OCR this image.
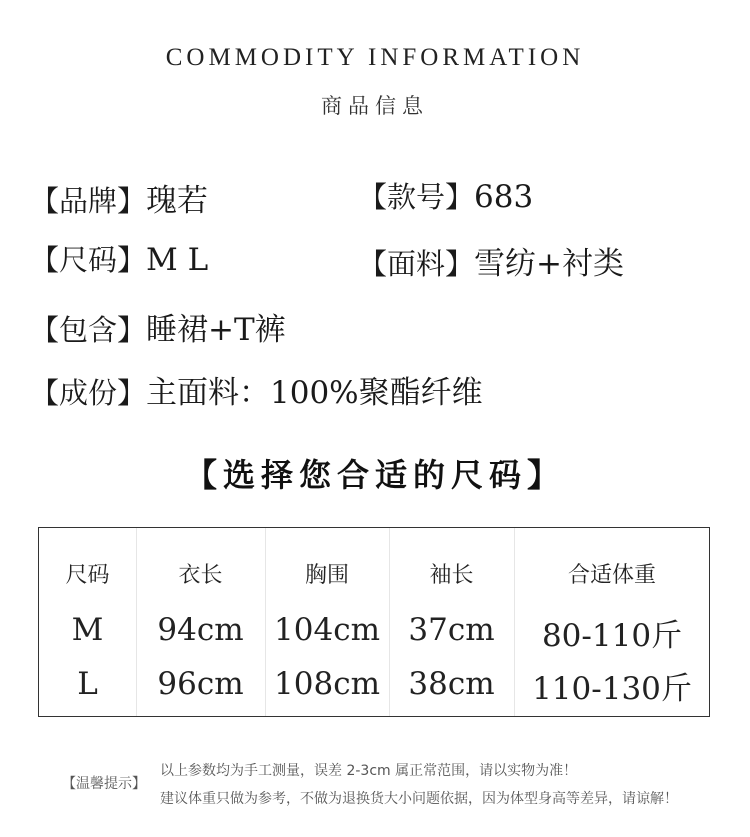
COMMODITY INFORMATION
商品信息
【品牌】瑰若	【款号】683
【尺码】M L	【面料】雪纺+衬类
【包含】睡裙+T裤
【成份】主面料：100%聚酯纤维
【选择您合适的尺码】
尺码	衣长	胸围	袖长	合适体重
M	94cm 104cm 37cm	80-110斤
L	96cm 108cm 38cm	110-130斤
【温馨提示】
以上参数均为手工测量，误差 2-3cm 属正常范围，请以实物为准！
建议体重只做为参考，不做为退换货大小问题依据，因为体型身高等差异，请谅解！
